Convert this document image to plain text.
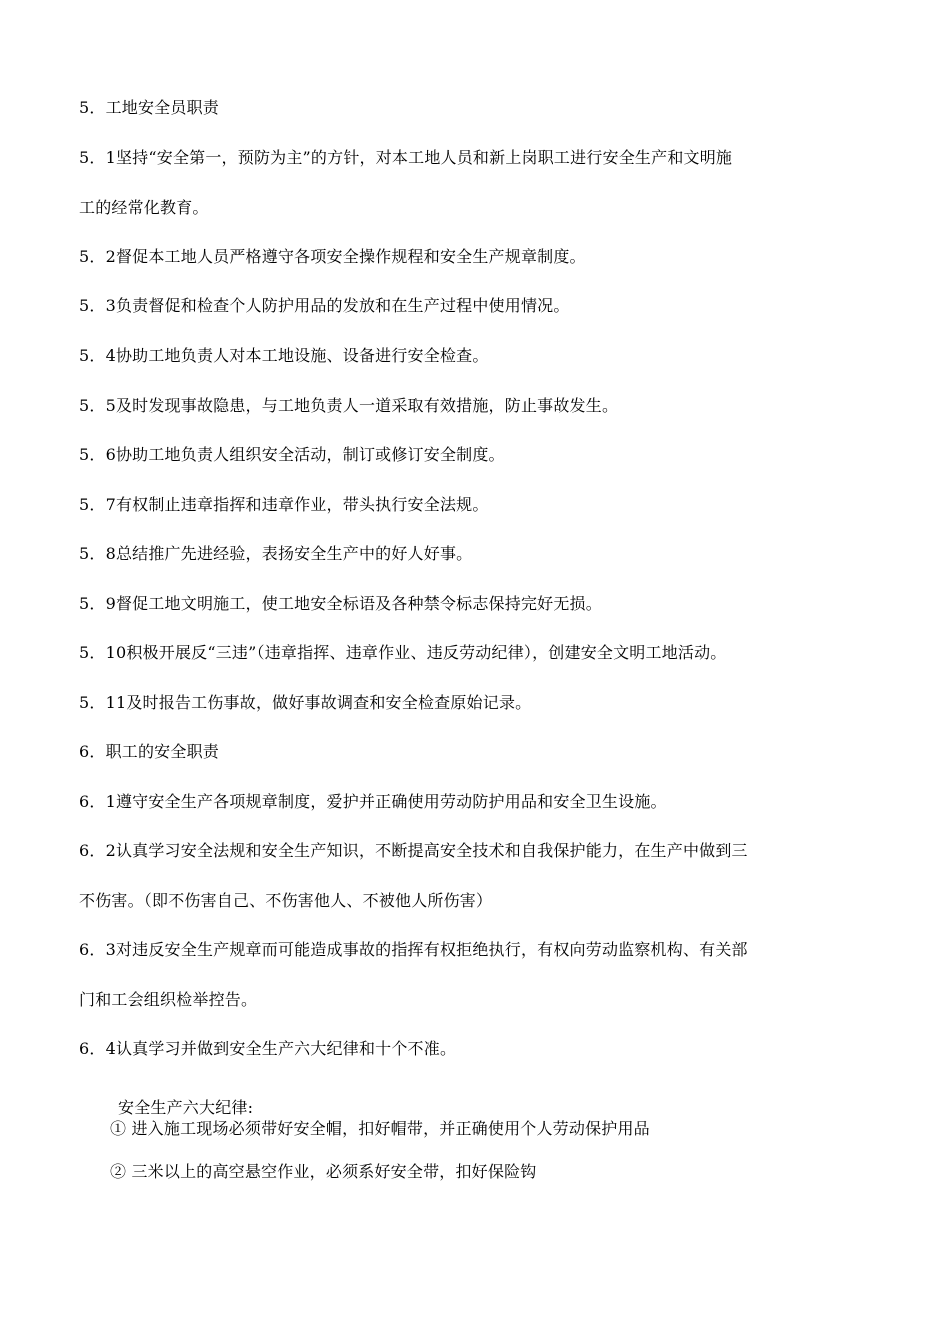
5．工地安全员职责
5．1坚持“安全第一，预防为主”的方针，对本工地人员和新上岗职工进行安全生产和文明施
工的经常化教育。
5．2督促本工地人员严格遵守各项安全操作规程和安全生产规章制度。
5．3负责督促和检查个人防护用品的发放和在生产过程中使用情况。
5．4协助工地负责人对本工地设施、设备进行安全检查。
5．5及时发现事故隐患，与工地负责人一道采取有效措施，防止事故发生。
5．6协助工地负责人组织安全活动，制订或修订安全制度。
5．7有权制止违章指挥和违章作业，带头执行安全法规。
5．8总结推广先进经验，表扬安全生产中的好人好事。
5．9督促工地文明施工，使工地安全标语及各种禁令标志保持完好无损。
5．10积极开展反“三违”（违章指挥、违章作业、违反劳动纪律），创建安全文明工地活动。
5．11及时报告工伤事故，做好事故调查和安全检查原始记录。
6．职工的安全职责
6．1遵守安全生产各项规章制度，爱护并正确使用劳动防护用品和安全卫生设施。
6．2认真学习安全法规和安全生产知识，不断提高安全技术和自我保护能力，在生产中做到三
不伤害。（即不伤害自己、不伤害他人、不被他人所伤害）
6．3对违反安全生产规章而可能造成事故的指挥有权拒绝执行，有权向劳动监察机构、有关部
门和工会组织检举控告。
6．4认真学习并做到安全生产六大纪律和十个不准。
安全生产六大纪律:
① 进入施工现场必须带好安全帽，扣好帽带，并正确使用个人劳动保护用品
② 三米以上的高空悬空作业，必须系好安全带，扣好保险钩
